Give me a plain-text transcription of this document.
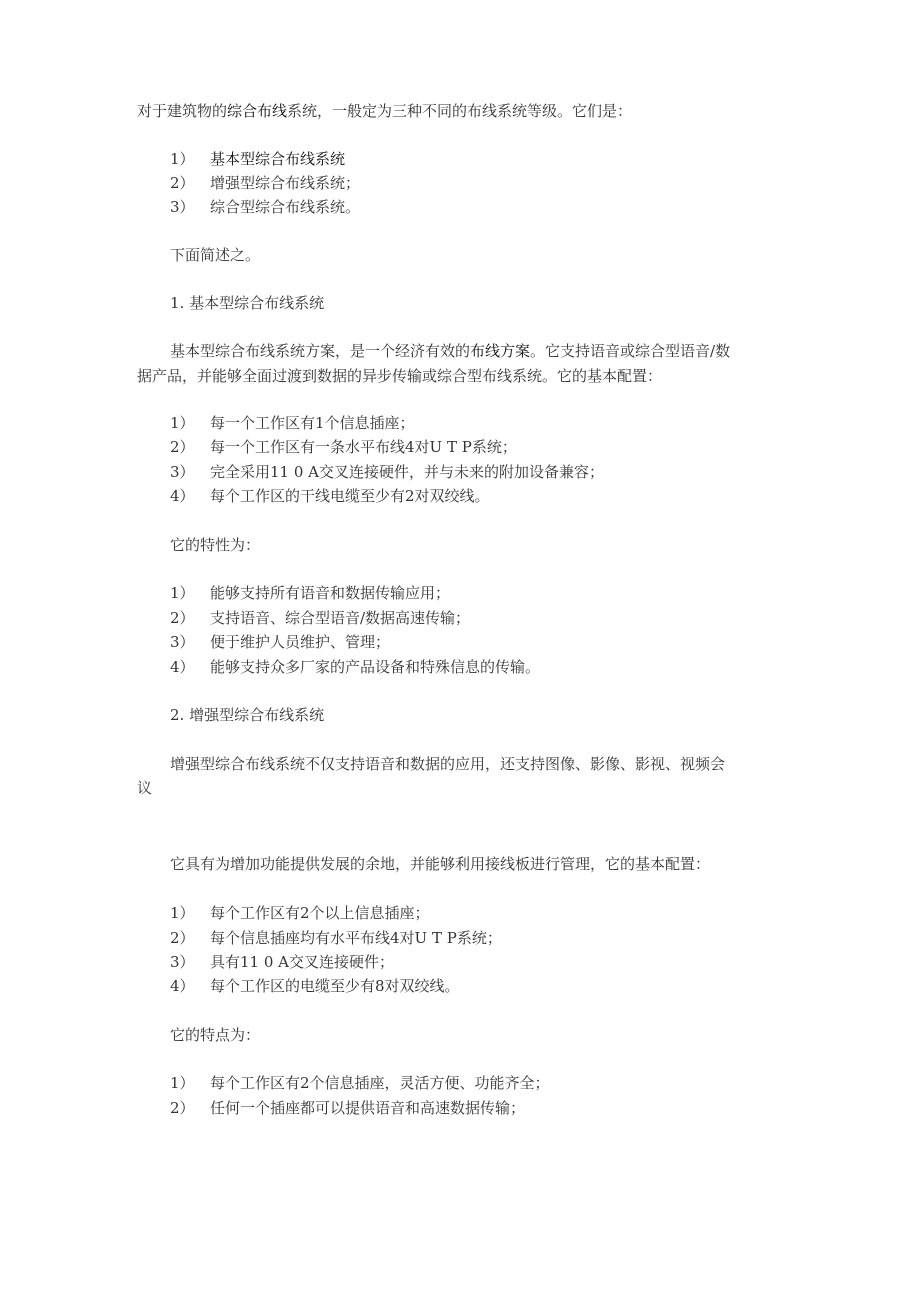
对于建筑物的综合布线系统，一般定为三种不同的布线系统等级。它们是：
1） 基本型综合布线系统
2） 增强型综合布线系统；
3） 综合型综合布线系统。
下面简述之。
1. 基本型综合布线系统
基本型综合布线系统方案，是一个经济有效的布线方案。它支持语音或综合型语音/数
据产品，并能够全面过渡到数据的异步传输或综合型布线系统。它的基本配置：
1） 每一个工作区有1个信息插座；
2） 每一个工作区有一条水平布线4对U T P系统；
3） 完全采用11 0 A交叉连接硬件，并与未来的附加设备兼容；
4） 每个工作区的干线电缆至少有2对双绞线。
它的特性为：
1） 能够支持所有语音和数据传输应用；
2） 支持语音、综合型语音/数据高速传输；
3） 便于维护人员维护、管理；
4） 能够支持众多厂家的产品设备和特殊信息的传输。
2. 增强型综合布线系统
增强型综合布线系统不仅支持语音和数据的应用，还支持图像、影像、影视、视频会
议
它具有为增加功能提供发展的余地，并能够利用接线板进行管理，它的基本配置：
1） 每个工作区有2个以上信息插座；
2） 每个信息插座均有水平布线4对U T P系统；
3） 具有11 0 A交叉连接硬件；
4） 每个工作区的电缆至少有8对双绞线。
它的特点为：
1） 每个工作区有2个信息插座，灵活方便、功能齐全；
2） 任何一个插座都可以提供语音和高速数据传输；
